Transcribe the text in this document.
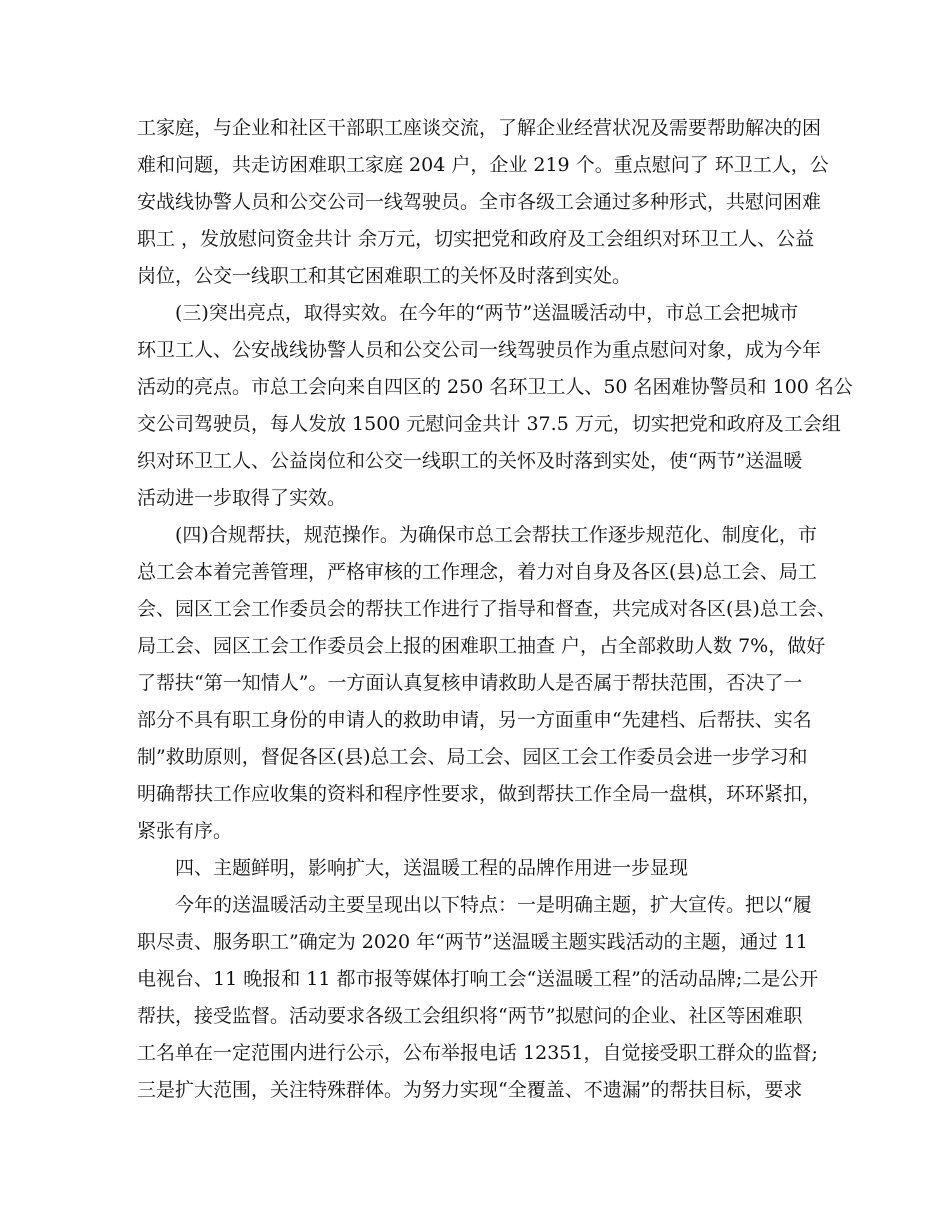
工家庭，与企业和社区干部职工座谈交流，了解企业经营状况及需要帮助解决的困
难和问题，共走访困难职工家庭 204 户，企业 219 个。重点慰问了 环卫工人，公
安战线协警人员和公交公司一线驾驶员。全市各级工会通过多种形式，共慰问困难
职工 ，发放慰问资金共计 余万元，切实把党和政府及工会组织对环卫工人、公益
岗位，公交一线职工和其它困难职工的关怀及时落到实处。
(三)突出亮点，取得实效。在今年的“两节”送温暖活动中，市总工会把城市
环卫工人、公安战线协警人员和公交公司一线驾驶员作为重点慰问对象，成为今年
活动的亮点。市总工会向来自四区的 250 名环卫工人、50 名困难协警员和 100 名公
交公司驾驶员，每人发放 1500 元慰问金共计 37.5 万元，切实把党和政府及工会组
织对环卫工人、公益岗位和公交一线职工的关怀及时落到实处，使“两节”送温暖
活动进一步取得了实效。
(四)合规帮扶，规范操作。为确保市总工会帮扶工作逐步规范化、制度化，市
总工会本着完善管理，严格审核的工作理念，着力对自身及各区(县)总工会、局工
会、园区工会工作委员会的帮扶工作进行了指导和督查，共完成对各区(县)总工会、
局工会、园区工会工作委员会上报的困难职工抽查 户，占全部救助人数 7%，做好
了帮扶“第一知情人”。一方面认真复核申请救助人是否属于帮扶范围，否决了一
部分不具有职工身份的申请人的救助申请，另一方面重申“先建档、后帮扶、实名
制”救助原则，督促各区(县)总工会、局工会、园区工会工作委员会进一步学习和
明确帮扶工作应收集的资料和程序性要求，做到帮扶工作全局一盘棋，环环紧扣，
紧张有序。
四、主题鲜明，影响扩大，送温暖工程的品牌作用进一步显现
今年的送温暖活动主要呈现出以下特点：一是明确主题，扩大宣传。把以“履
职尽责、服务职工”确定为 2020 年“两节”送温暖主题实践活动的主题，通过 11
电视台、11 晚报和 11 都市报等媒体打响工会“送温暖工程”的活动品牌;二是公开
帮扶，接受监督。活动要求各级工会组织将“两节”拟慰问的企业、社区等困难职
工名单在一定范围内进行公示，公布举报电话 12351，自觉接受职工群众的监督;
三是扩大范围，关注特殊群体。为努力实现“全覆盖、不遗漏”的帮扶目标，要求
